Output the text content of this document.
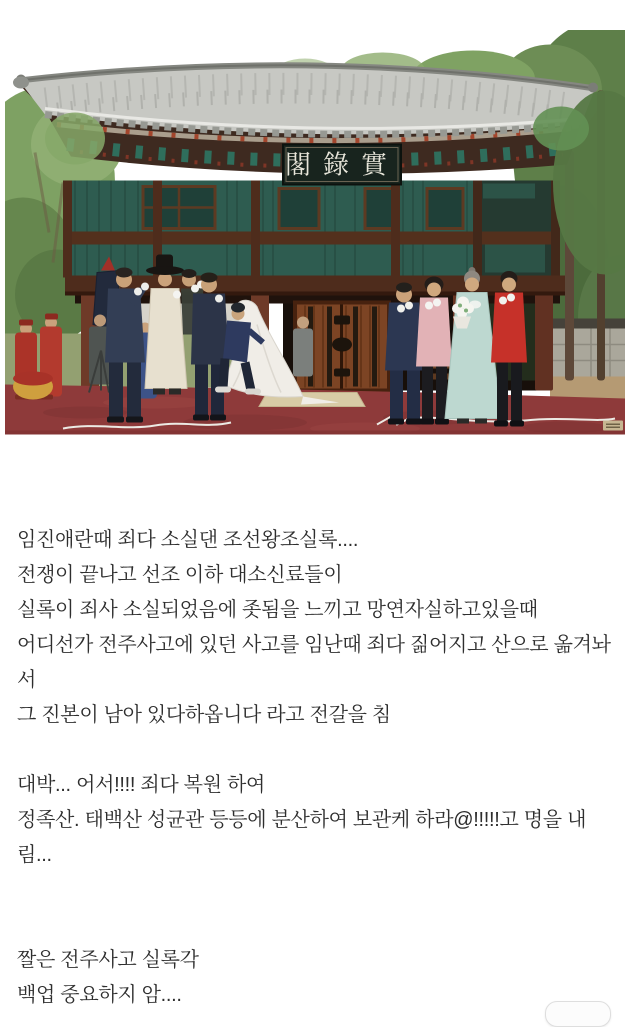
閣錄實
임진애란때 죄다 소실댄 조선왕조실록....
전쟁이 끝나고 선조 이하 대소신료들이
실록이 죄사 소실되었음에 좃됨을 느끼고 망연자실하고있을때
어디선가 전주사고에 있던 사고를 임난때 죄다 짊어지고 산으로 옮겨놔
서
그 진본이 남아 있다하옵니다 라고 전갈을 침
대박... 어서!!!! 죄다 복원 하여
정족산. 태백산 성균관 등등에 분산하여 보관케 하라@!!!!!고 명을 내
림...
짤은 전주사고 실록각
백업 중요하지 암....
